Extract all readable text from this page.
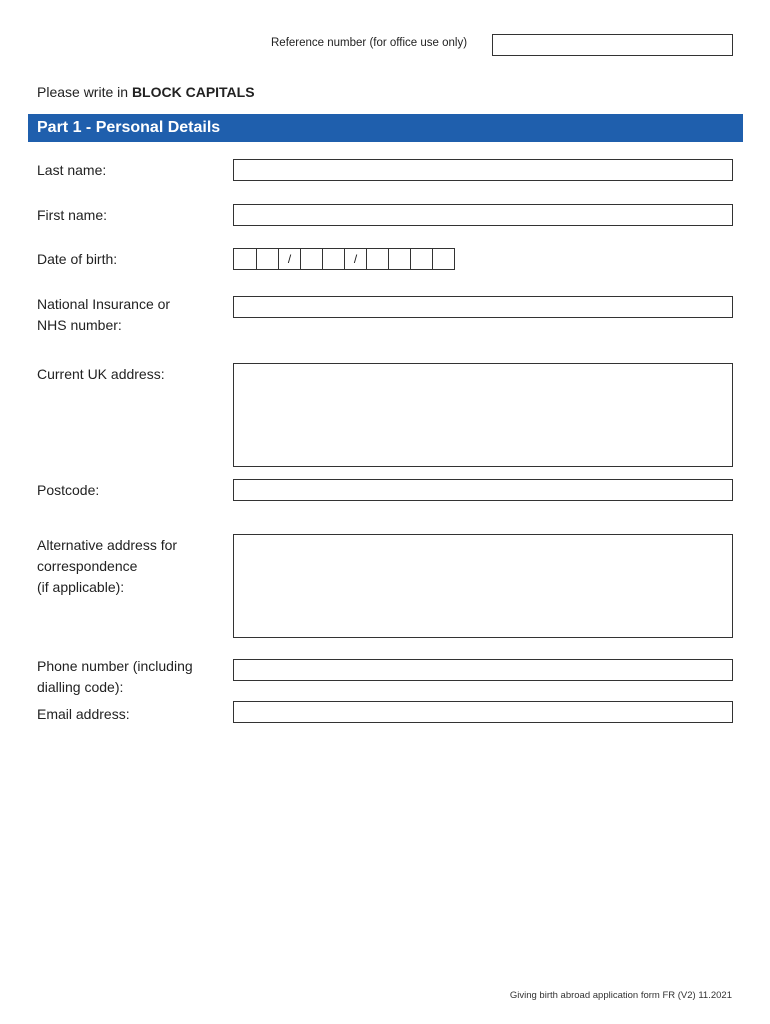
Reference number (for office use only)
Please write in BLOCK CAPITALS
Part 1 - Personal Details
Last name:
First name:
Date of birth:	/	/
National Insurance or
NHS number:
Current UK address:
Postcode:
Alternative address for
correspondence
(if applicable):
Phone number (including
dialling code):
Email address:
Giving birth abroad application form FR (V2) 11.2021
